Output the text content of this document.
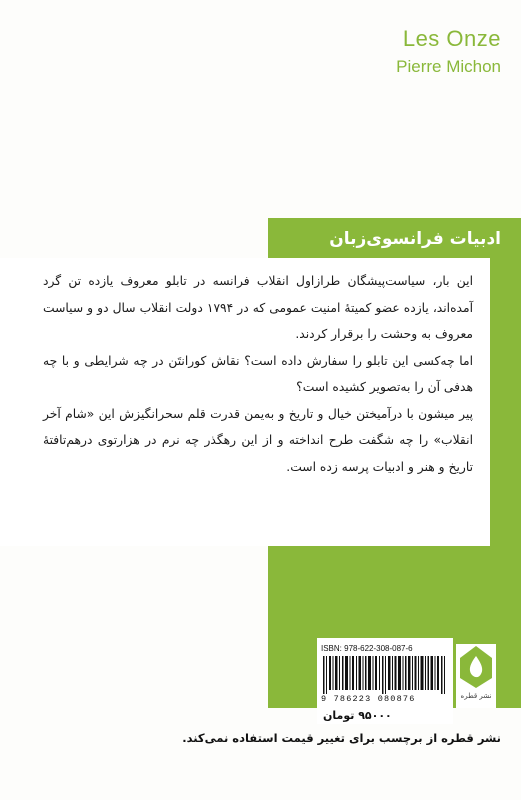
Les Onze
Pierre Michon
ادبیات فرانسوی‌زبان

این بار، سیاست‌پیشگان طرازاول انقلاب فرانسه در تابلو معروف یازده تن گرد آمده‌اند، یازده عضو کمیتهٔ امنیت عمومی که در ۱۷۹۴ دولت انقلاب سال دو و سیاست معروف به وحشت را برقرار کردند.

اما چه‌کسی این تابلو را سفارش داده است؟ نقاش کورانتَن در چه شرایطی و با چه هدفی آن را به‌تصویر کشیده است؟

پیر میشون با درآمیختن خیال و تاریخ و به‌یمن قدرت قلم سحرانگیزش این «شام آخر انقلاب» را چه شگفت طرح انداخته و از این رهگذر چه نرم در هزارتوی درهم‌تافتهٔ تاریخ و هنر و ادبیات پرسه زده است.

ISBN: 978-622-308-087-6
9 786223 080876
۹۵۰۰۰ تومان
نشر قطره
نشر قطره از برچسب برای تغییر قیمت استفاده نمی‌کند.
